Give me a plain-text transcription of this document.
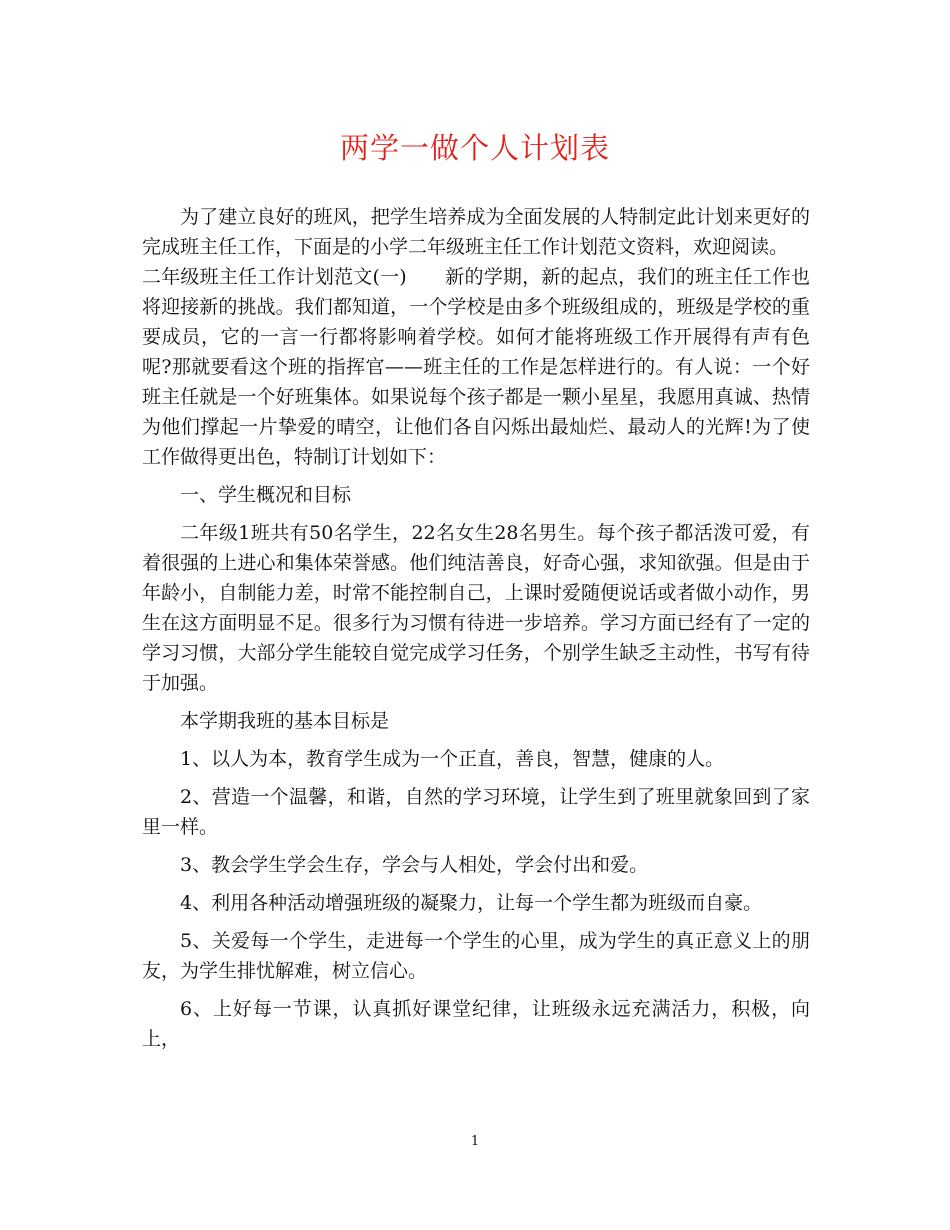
两学一做个人计划表

为了建立良好的班风，把学生培养成为全面发展的人特制定此计划来更好的完成班主任工作，下面是的小学二年级班主任工作计划范文资料，欢迎阅读。

二年级班主任工作计划范文(一)　　新的学期，新的起点，我们的班主任工作也将迎接新的挑战。我们都知道，一个学校是由多个班级组成的，班级是学校的重要成员，它的一言一行都将影响着学校。如何才能将班级工作开展得有声有色呢?那就要看这个班的指挥官——班主任的工作是怎样进行的。有人说：一个好班主任就是一个好班集体。如果说每个孩子都是一颗小星星，我愿用真诚、热情为他们撑起一片挚爱的晴空，让他们各自闪烁出最灿烂、最动人的光辉!为了使工作做得更出色，特制订计划如下：

一、学生概况和目标

二年级1班共有50名学生，22名女生28名男生。每个孩子都活泼可爱，有着很强的上进心和集体荣誉感。他们纯洁善良，好奇心强，求知欲强。但是由于年龄小，自制能力差，时常不能控制自己，上课时爱随便说话或者做小动作，男生在这方面明显不足。很多行为习惯有待进一步培养。学习方面已经有了一定的学习习惯，大部分学生能较自觉完成学习任务，个别学生缺乏主动性，书写有待于加强。

本学期我班的基本目标是

1、以人为本，教育学生成为一个正直，善良，智慧，健康的人。

2、营造一个温馨，和谐，自然的学习环境，让学生到了班里就象回到了家里一样。

3、教会学生学会生存，学会与人相处，学会付出和爱。

4、利用各种活动增强班级的凝聚力，让每一个学生都为班级而自豪。

5、关爱每一个学生，走进每一个学生的心里，成为学生的真正意义上的朋友，为学生排忧解难，树立信心。

6、上好每一节课，认真抓好课堂纪律，让班级永远充满活力，积极，向上，

1
